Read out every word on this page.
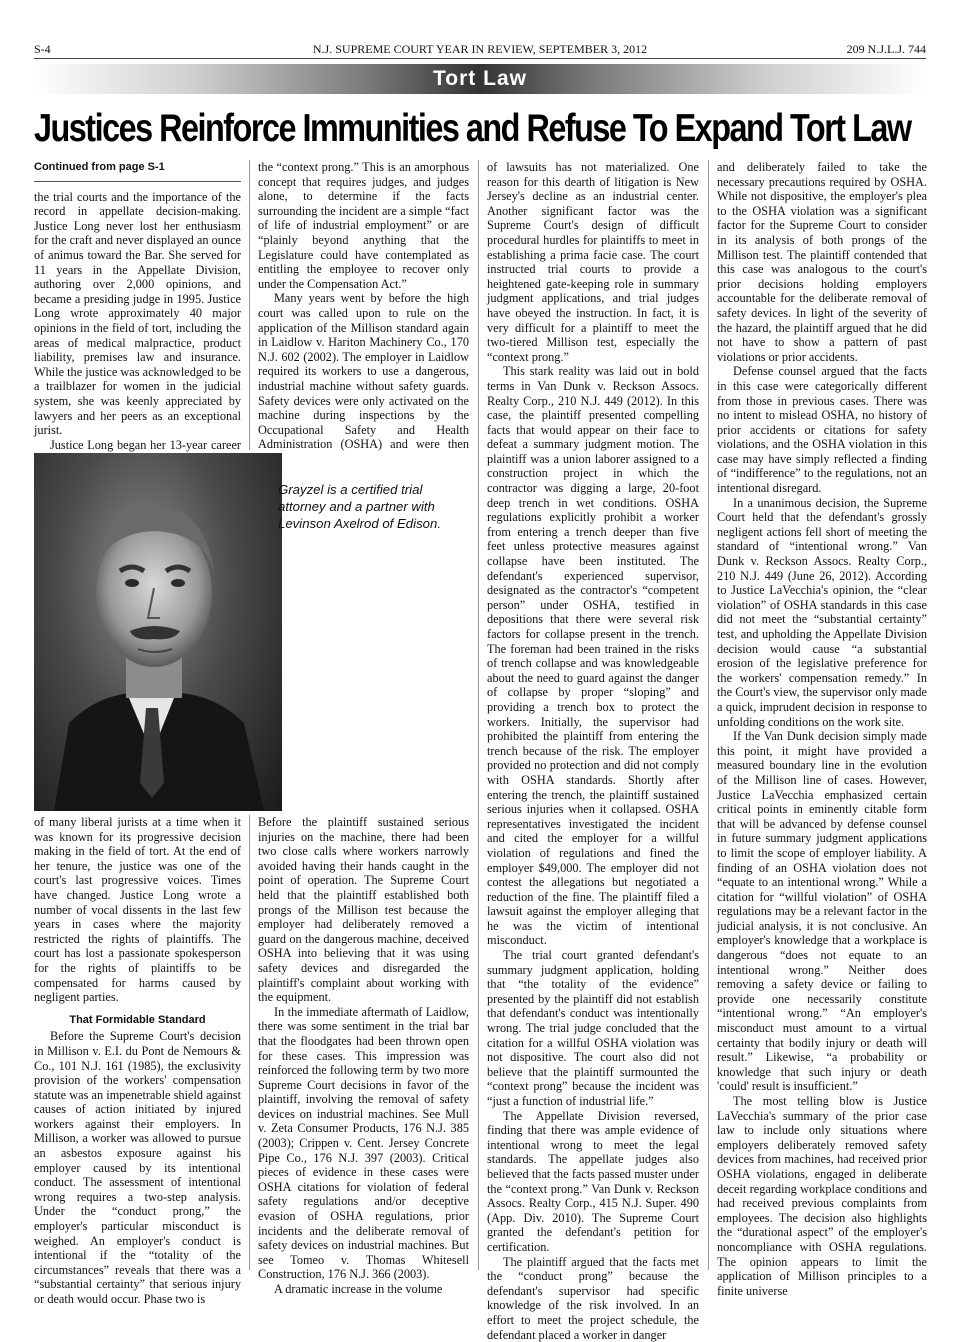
S-4	N.J. SUPREME COURT YEAR IN REVIEW, SEPTEMBER 3, 2012	209 N.J.L.J. 744
Tort Law
Justices Reinforce Immunities and Refuse To Expand Tort Law

Continued from page S-1

the trial courts and the importance of the record in appellate decision-making. Justice Long never lost her enthusiasm for the craft and never displayed an ounce of animus toward the Bar. She served for 11 years in the Appellate Division, authoring over 2,000 opinions, and became a presiding judge in 1995. Justice Long wrote approximately 40 major opinions in the field of tort, including the areas of medical malpractice, product liability, premises law and insurance. While the justice was acknowledged to be a trailblazer for women in the judicial system, she was keenly appreciated by lawyers and her peers as an exceptional jurist.

Justice Long began her 13-year career

the “context prong.” This is an amorphous concept that requires judges, and judges alone, to determine if the facts surrounding the incident are a simple “fact of life of industrial employment” or are “plainly beyond anything that the Legislature could have contemplated as entitling the employee to recover only under the Compensation Act.”

Many years went by before the high court was called upon to rule on the application of the Millison standard again in Laidlow v. Hariton Machinery Co., 170 N.J. 602 (2002). The employer in Laidlow required its workers to use a dangerous, industrial machine without safety guards. Safety devices were only activated on the machine during inspections by the Occupational Safety and Health Administration (OSHA) and were then

Grayzel is a certified trial attorney and a partner with Levinson Axelrod of Edison.

of many liberal jurists at a time when it was known for its progressive decision making in the field of tort. At the end of her tenure, the justice was one of the court's last progressive voices. Times have changed. Justice Long wrote a number of vocal dissents in the last few years in cases where the majority restricted the rights of plaintiffs. The court has lost a passionate spokesperson for the rights of plaintiffs to be compensated for harms caused by negligent parties.

That Formidable Standard

Before the Supreme Court's decision in Millison v. E.I. du Pont de Nemours & Co., 101 N.J. 161 (1985), the exclusivity provision of the workers' compensation statute was an impenetrable shield against causes of action initiated by injured workers against their employers. In Millison, a worker was allowed to pursue an asbestos exposure against his employer caused by its intentional conduct. The assessment of intentional wrong requires a two-step analysis. Under the “conduct prong,” the employer's particular misconduct is weighed. An employer's conduct is intentional if the “totality of the circumstances” reveals that there was a “substantial certainty” that serious injury or death would occur. Phase two is

Before the plaintiff sustained serious injuries on the machine, there had been two close calls where workers narrowly avoided having their hands caught in the point of operation. The Supreme Court held that the plaintiff established both prongs of the Millison test because the employer had deliberately removed a guard on the dangerous machine, deceived OSHA into believing that it was using safety devices and disregarded the plaintiff's complaint about working with the equipment.

In the immediate aftermath of Laidlow, there was some sentiment in the trial bar that the floodgates had been thrown open for these cases. This impression was reinforced the following term by two more Supreme Court decisions in favor of the plaintiff, involving the removal of safety devices on industrial machines. See Mull v. Zeta Consumer Products, 176 N.J. 385 (2003); Crippen v. Cent. Jersey Concrete Pipe Co., 176 N.J. 397 (2003). Critical pieces of evidence in these cases were OSHA citations for violation of federal safety regulations and/or deceptive evasion of OSHA regulations, prior incidents and the deliberate removal of safety devices on industrial machines. But see Tomeo v. Thomas Whitesell Construction, 176 N.J. 366 (2003).

A dramatic increase in the volume

of lawsuits has not materialized. One reason for this dearth of litigation is New Jersey's decline as an industrial center. Another significant factor was the Supreme Court's design of difficult procedural hurdles for plaintiffs to meet in establishing a prima facie case. The court instructed trial courts to provide a heightened gate-keeping role in summary judgment applications, and trial judges have obeyed the instruction. In fact, it is very difficult for a plaintiff to meet the two-tiered Millison test, especially the “context prong.”

This stark reality was laid out in bold terms in Van Dunk v. Reckson Assocs. Realty Corp., 210 N.J. 449 (2012). In this case, the plaintiff presented compelling facts that would appear on their face to defeat a summary judgment motion. The plaintiff was a union laborer assigned to a construction project in which the contractor was digging a large, 20-foot deep trench in wet conditions. OSHA regulations explicitly prohibit a worker from entering a trench deeper than five feet unless protective measures against collapse have been instituted. The defendant's experienced supervisor, designated as the contractor's “competent person” under OSHA, testified in depositions that there were several risk factors for collapse present in the trench. The foreman had been trained in the risks of trench collapse and was knowledgeable about the need to guard against the danger of collapse by proper “sloping” and providing a trench box to protect the workers. Initially, the supervisor had prohibited the plaintiff from entering the trench because of the risk. The employer provided no protection and did not comply with OSHA standards. Shortly after entering the trench, the plaintiff sustained serious injuries when it collapsed. OSHA representatives investigated the incident and cited the employer for a willful violation of regulations and fined the employer $49,000. The employer did not contest the allegations but negotiated a reduction of the fine. The plaintiff filed a lawsuit against the employer alleging that he was the victim of intentional misconduct.

The trial court granted defendant's summary judgment application, holding that “the totality of the evidence” presented by the plaintiff did not establish that defendant's conduct was intentionally wrong. The trial judge concluded that the citation for a willful OSHA violation was not dispositive. The court also did not believe that the plaintiff surmounted the “context prong” because the incident was “just a function of industrial life.”

The Appellate Division reversed, finding that there was ample evidence of intentional wrong to meet the legal standards. The appellate judges also believed that the facts passed muster under the “context prong.” Van Dunk v. Reckson Assocs. Realty Corp., 415 N.J. Super. 490 (App. Div. 2010). The Supreme Court granted the defendant's petition for certification.

The plaintiff argued that the facts met the “conduct prong” because the defendant's supervisor had specific knowledge of the risk involved. In an effort to meet the project schedule, the defendant placed a worker in danger

and deliberately failed to take the necessary precautions required by OSHA. While not dispositive, the employer's plea to the OSHA violation was a significant factor for the Supreme Court to consider in its analysis of both prongs of the Millison test. The plaintiff contended that this case was analogous to the court's prior decisions holding employers accountable for the deliberate removal of safety devices. In light of the severity of the hazard, the plaintiff argued that he did not have to show a pattern of past violations or prior accidents.

Defense counsel argued that the facts in this case were categorically different from those in previous cases. There was no intent to mislead OSHA, no history of prior accidents or citations for safety violations, and the OSHA violation in this case may have simply reflected a finding of “indifference” to the regulations, not an intentional disregard.

In a unanimous decision, the Supreme Court held that the defendant's grossly negligent actions fell short of meeting the standard of “intentional wrong.” Van Dunk v. Reckson Assocs. Realty Corp., 210 N.J. 449 (June 26, 2012). According to Justice LaVecchia's opinion, the “clear violation” of OSHA standards in this case did not meet the “substantial certainty” test, and upholding the Appellate Division decision would cause “a substantial erosion of the legislative preference for the workers' compensation remedy.” In the Court's view, the supervisor only made a quick, imprudent decision in response to unfolding conditions on the work site.

If the Van Dunk decision simply made this point, it might have provided a measured boundary line in the evolution of the Millison line of cases. However, Justice LaVecchia emphasized certain critical points in eminently citable form that will be advanced by defense counsel in future summary judgment applications to limit the scope of employer liability. A finding of an OSHA violation does not “equate to an intentional wrong.” While a citation for “willful violation” of OSHA regulations may be a relevant factor in the judicial analysis, it is not conclusive. An employer's knowledge that a workplace is dangerous “does not equate to an intentional wrong.” Neither does removing a safety device or failing to provide one necessarily constitute “intentional wrong.” “An employer's misconduct must amount to a virtual certainty that bodily injury or death will result.” Likewise, “a probability or knowledge that such injury or death 'could' result is insufficient.”

The most telling blow is Justice LaVecchia's summary of the prior case law to include only situations where employers deliberately removed safety devices from machines, had received prior OSHA violations, engaged in deliberate deceit regarding workplace conditions and had received previous complaints from employees. The decision also highlights the “durational aspect” of the employer's noncompliance with OSHA regulations. The opinion appears to limit the application of Millison principles to a finite universe
